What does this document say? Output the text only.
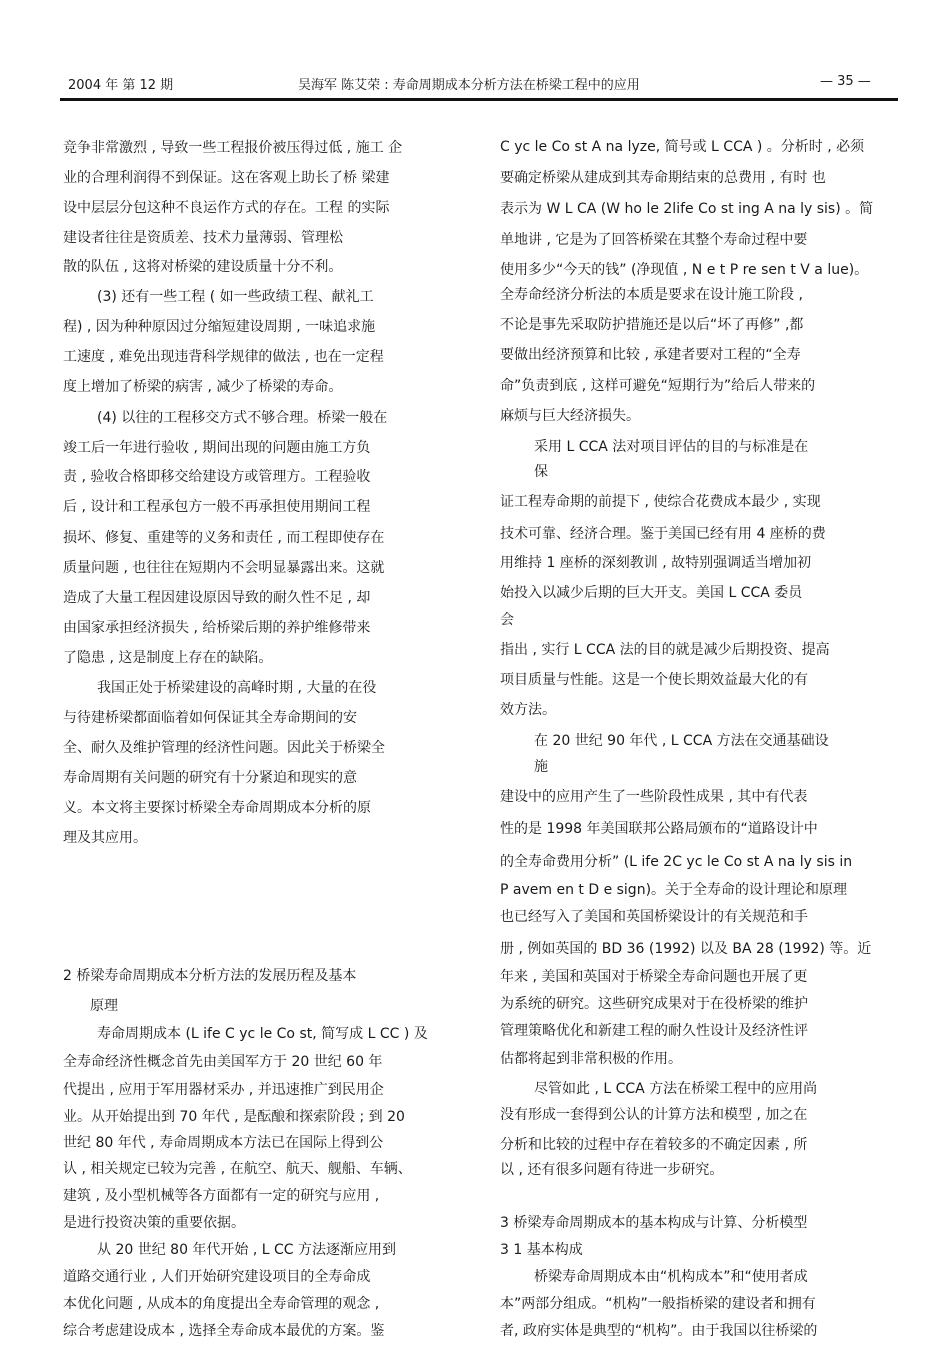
2004 年 第 12 期	吴海军 陈艾荣 : 寿命周期成本分析方法在桥梁工程中的应用	— 35 —
竞争非常激烈 , 导致一些工程报价被压得过低 , 施工 企
业的合理利润得不到保证。这在客观上助长了桥 梁建
设中层层分包这种不良运作方式的存在。工程 的实际
建设者往往是资质差、技术力量薄弱、管理松
散的队伍 , 这将对桥梁的建设质量十分不利。
(3) 还有一些工程 ( 如一些政绩工程、献礼工
程) , 因为种种原因过分缩短建设周期 , 一味追求施
工速度 , 难免出现违背科学规律的做法 , 也在一定程
度上增加了桥梁的病害 , 减少了桥梁的寿命。
(4) 以往的工程移交方式不够合理。桥梁一般在
竣工后一年进行验收 , 期间出现的问题由施工方负
责 , 验收合格即移交给建设方或管理方。工程验收
后 , 设计和工程承包方一般不再承担使用期间工程
损坏、修复、重建等的义务和责任 , 而工程即使存在
质量问题 , 也往往在短期内不会明显暴露出来。这就
造成了大量工程因建设原因导致的耐久性不足 , 却
由国家承担经济损失 , 给桥梁后期的养护维修带来
了隐患 , 这是制度上存在的缺陷。
我国正处于桥梁建设的高峰时期 , 大量的在役
与待建桥梁都面临着如何保证其全寿命期间的安
全、耐久及维护管理的经济性问题。因此关于桥梁全
寿命周期有关问题的研究有十分紧迫和现实的意
义。本文将主要探讨桥梁全寿命周期成本分析的原
理及其应用。
2 桥梁寿命周期成本分析方法的发展历程及基本
原理
寿命周期成本 (L ife C yc le Co st, 简写成 L CC ) 及
全寿命经济性概念首先由美国军方于 20 世纪 60 年
代提出 , 应用于军用器材采办 , 并迅速推广到民用企
业。从开始提出到 70 年代 , 是酝酿和探索阶段 ; 到 20
世纪 80 年代 , 寿命周期成本方法已在国际上得到公
认 , 相关规定已较为完善 , 在航空、航天、舰船、车辆、
建筑 , 及小型机械等各方面都有一定的研究与应用 ,
是进行投资决策的重要依据。
从 20 世纪 80 年代开始 , L CC 方法逐渐应用到
道路交通行业 , 人们开始研究建设项目的全寿命成
本优化问题 , 从成本的角度提出全寿命管理的观念 ,
综合考虑建设成本 , 选择全寿命成本最优的方案。鉴
C yc le Co st A na lyze, 简号或 L CCA ) 。分析时 , 必须
要确定桥梁从建成到其寿命期结束的总费用 , 有时 也
表示为 W L CA (W ho le 2life Co st ing A na ly sis) 。简
单地讲 , 它是为了回答桥梁在其整个寿命过程中要
使用多少“今天的钱” (净现值 , N e t P re sen t V a lue)。
全寿命经济分析法的本质是要求在设计施工阶段 ,
不论是事先采取防护措施还是以后“坏了再修” ,都
要做出经济预算和比较 , 承建者要对工程的“全寿
命”负责到底 , 这样可避免“短期行为”给后人带来的
麻烦与巨大经济损失。
采用 L CCA 法对项目评估的目的与标准是在
保
证工程寿命期的前提下 , 使综合花费成本最少 , 实现
技术可靠、经济合理。鉴于美国已经有用 4 座桥的费
用维持 1 座桥的深刻教训 , 故特别强调适当增加初
始投入以减少后期的巨大开支。美国 L CCA 委员
会
指出 , 实行 L CCA 法的目的就是减少后期投资、提高
项目质量与性能。这是一个使长期效益最大化的有
效方法。
在 20 世纪 90 年代 , L CCA 方法在交通基础设
施
建设中的应用产生了一些阶段性成果 , 其中有代表
性的是 1998 年美国联邦公路局颁布的“道路设计中
的全寿命费用分析” (L ife 2C yc le Co st A na ly sis in
P avem en t D e sign)。关于全寿命的设计理论和原理
也已经写入了美国和英国桥梁设计的有关规范和手
册 , 例如英国的 BD 36 (1992) 以及 BA 28 (1992) 等。近
年来 , 美国和英国对于桥梁全寿命问题也开展了更
为系统的研究。这些研究成果对于在役桥梁的维护
管理策略优化和新建工程的耐久性设计及经济性评
估都将起到非常积极的作用。
尽管如此 , L CCA 方法在桥梁工程中的应用尚
没有形成一套得到公认的计算方法和模型 , 加之在
分析和比较的过程中存在着较多的不确定因素 , 所
以 , 还有很多问题有待进一步研究。
3 桥梁寿命周期成本的基本构成与计算、分析模型
3 1 基本构成
桥梁寿命周期成本由“机构成本”和“使用者成
本”两部分组成。“机构”一般指桥梁的建设者和拥有
者, 政府实体是典型的“机构”。由于我国以往桥梁的
